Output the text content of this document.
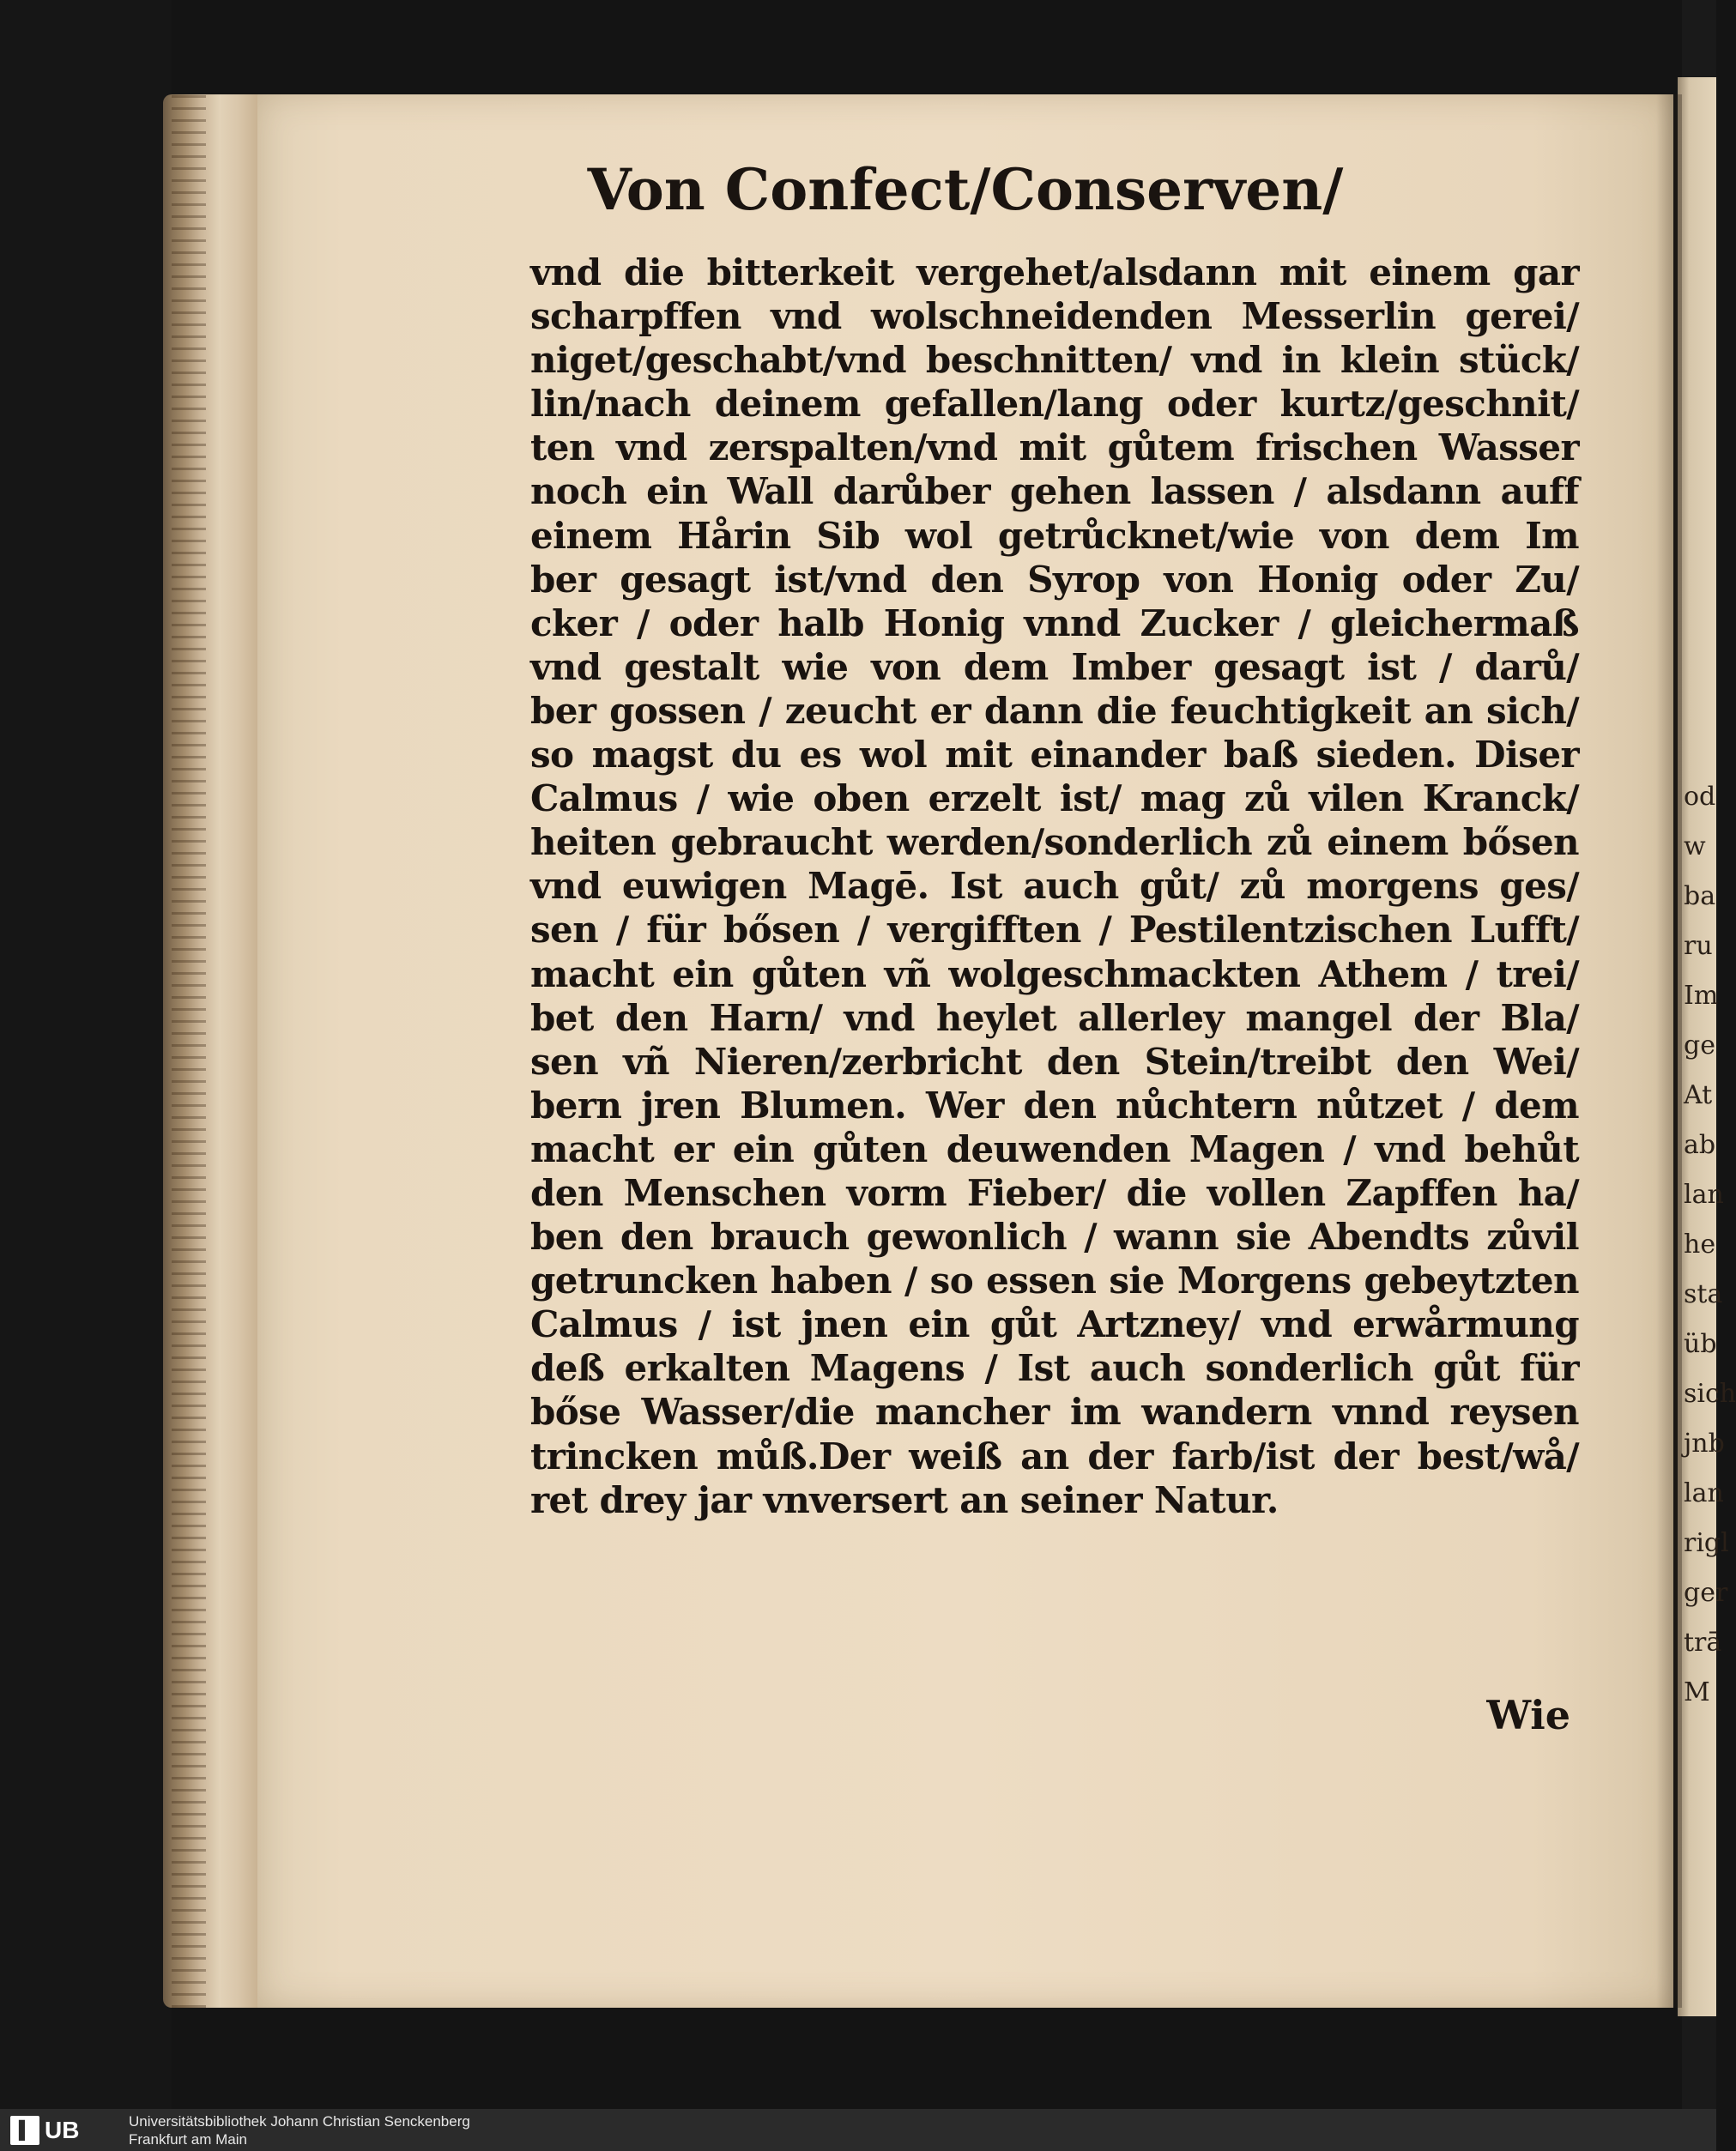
od
w
ba
ru
Im
ge
At
ab
lan
he
sta
üb
sich
jnb
lan
rigl
ger
trā
M
Von Confect/Conserven/
vnd die bitterkeit vergehet/alsdann mit einem gar
scharpffen vnd wolschneidenden Messerlin gerei/
niget/geschabt/vnd beschnitten/ vnd in klein stück/
lin/nach deinem gefallen/lang oder kurtz/geschnit/
ten vnd zerspalten/vnd mit gůtem frischen Wasser
noch ein Wall darůber gehen lassen / alsdann auff
einem Hårin Sib wol getrůcknet/wie von dem Im
ber gesagt ist/vnd den Syrop von Honig oder Zu/
cker / oder halb Honig vnnd Zucker / gleichermaß
vnd gestalt wie von dem Imber gesagt ist / darů/
ber gossen / zeucht er dann die feuchtigkeit an sich/
so magst du es wol mit einander baß sieden. Diser
Calmus / wie oben erzelt ist/ mag zů vilen Kranck/
heiten gebraucht werden/sonderlich zů einem bősen
vnd euwigen Magē. Ist auch gůt/ zů morgens ges/
sen / für bősen / vergifften / Pestilentzischen Lufft/
macht ein gůten vñ wolgeschmackten Athem / trei/
bet den Harn/ vnd heylet allerley mangel der Bla/
sen vñ Nieren/zerbricht den Stein/treibt den Wei/
bern jren Blumen. Wer den nůchtern nůtzet / dem
macht er ein gůten deuwenden Magen / vnd behůt
den Menschen vorm Fieber/ die vollen Zapffen ha/
ben den brauch gewonlich / wann sie Abendts zůvil
getruncken haben / so essen sie Morgens gebeytzten
Calmus / ist jnen ein gůt Artzney/ vnd erwårmung
deß erkalten Magens / Ist auch sonderlich gůt für
bőse Wasser/die mancher im wandern vnnd reysen
trincken můß.Der weiß an der farb/ist der best/wå/
ret drey jar vnversert an seiner Natur.
Wie
▌ UB	Universitätsbibliothek Johann Christian Senckenberg
Frankfurt am Main
